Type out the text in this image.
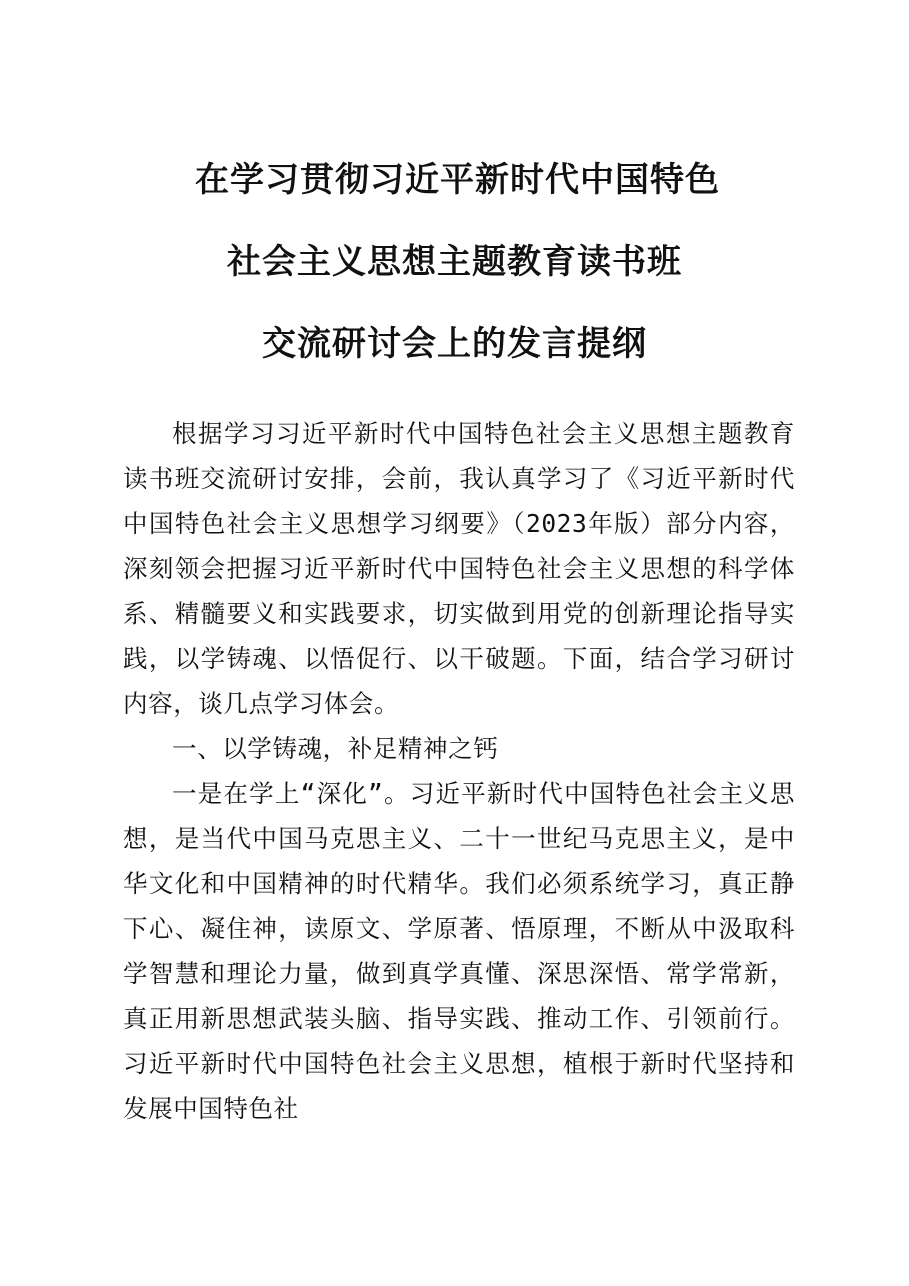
在学习贯彻习近平新时代中国特色
社会主义思想主题教育读书班
交流研讨会上的发言提纲

根据学习习近平新时代中国特色社会主义思想主题教育读书班交流研讨安排，会前，我认真学习了《习近平新时代中国特色社会主义思想学习纲要》（2023年版）部分内容，深刻领会把握习近平新时代中国特色社会主义思想的科学体系、精髓要义和实践要求，切实做到用党的创新理论指导实践，以学铸魂、以悟促行、以干破题。下面，结合学习研讨内容，谈几点学习体会。

一、以学铸魂，补足精神之钙

一是在学上“深化”。习近平新时代中国特色社会主义思想，是当代中国马克思主义、二十一世纪马克思主义，是中华文化和中国精神的时代精华。我们必须系统学习，真正静下心、凝住神，读原文、学原著、悟原理，不断从中汲取科学智慧和理论力量，做到真学真懂、深思深悟、常学常新，真正用新思想武装头脑、指导实践、推动工作、引领前行。习近平新时代中国特色社会主义思想，植根于新时代坚持和发展中国特色社
